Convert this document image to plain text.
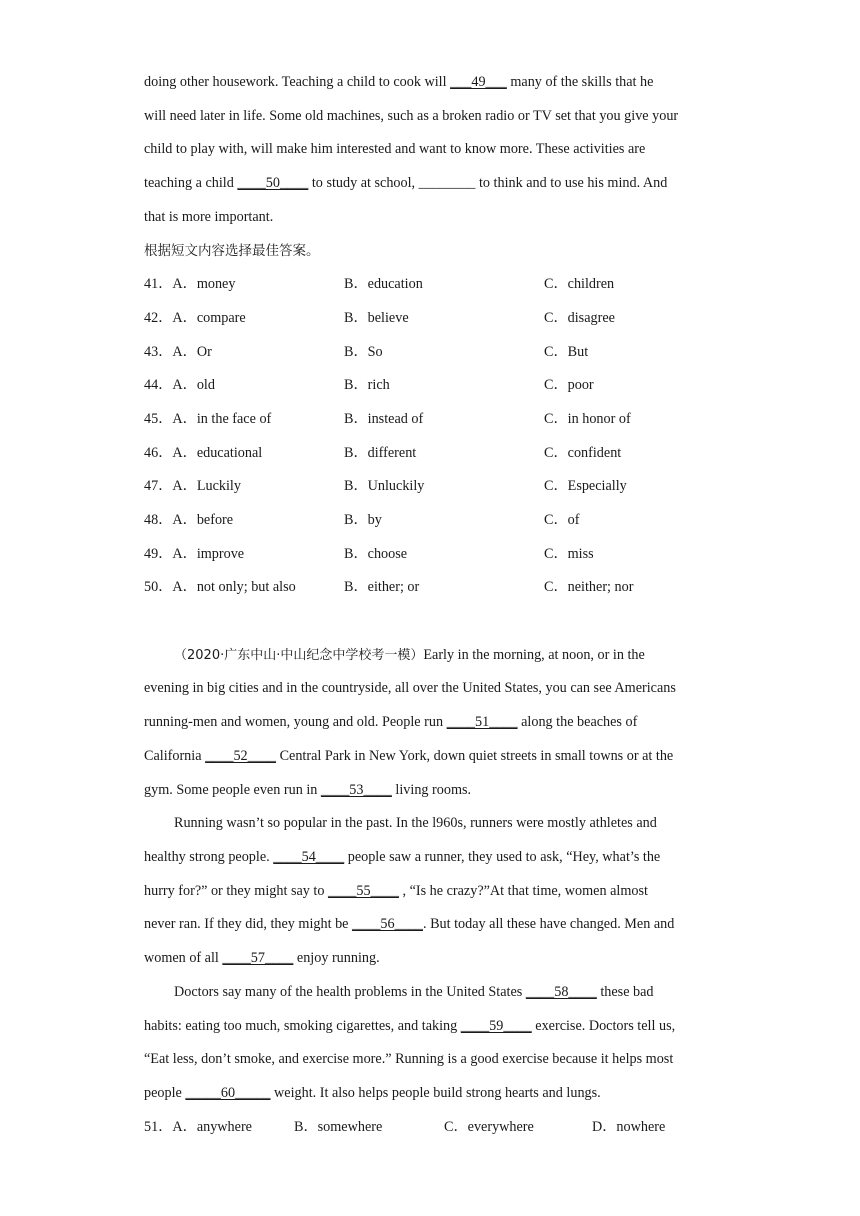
doing other housework. Teaching a child to cook will ___49___ many of the skills that he

will need later in life. Some old machines, such as a broken radio or TV set that you give your

child to play with, will make him interested and want to know more. These activities are

teaching a child ____50____ to study at school, ________ to think and to use his mind. And

that is more important.

根据短文内容选择最佳答案。

41．A．money	B．education	C．children
42．A．compare	B．believe	C．disagree
43．A．Or	B．So	C．But
44．A．old	B．rich	C．poor
45．A．in the face of	B．instead of	C．in honor of
46．A．educational	B．different	C．confident
47．A．Luckily	B．Unluckily	C．Especially
48．A．before	B．by	C．of
49．A．improve	B．choose	C．miss
50．A．not only; but also	B．either; or	C．neither; nor

（2020·广东中山·中山纪念中学校考一模）Early in the morning, at noon, or in the

evening in big cities and in the countryside, all over the United States, you can see Americans

running-men and women, young and old. People run ____51____ along the beaches of

California ____52____ Central Park in New York, down quiet streets in small towns or at the

gym. Some people even run in ____53____ living rooms.

Running wasn’t so popular in the past. In the l960s, runners were mostly athletes and

healthy strong people. ____54____ people saw a runner, they used to ask, “Hey, what’s the

hurry for?” or they might say to ____55____ , “Is he crazy?”At that time, women almost

never ran. If they did, they might be ____56____. But today all these have changed. Men and

women of all ____57____ enjoy running.

Doctors say many of the health problems in the United States ____58____ these bad

habits: eating too much, smoking cigarettes, and taking ____59____ exercise. Doctors tell us,

“Eat less, don’t smoke, and exercise more.” Running is a good exercise because it helps most

people _____60_____ weight. It also helps people build strong hearts and lungs.

51．A．anywhere	B．somewhere	C．everywhere	D．nowhere
